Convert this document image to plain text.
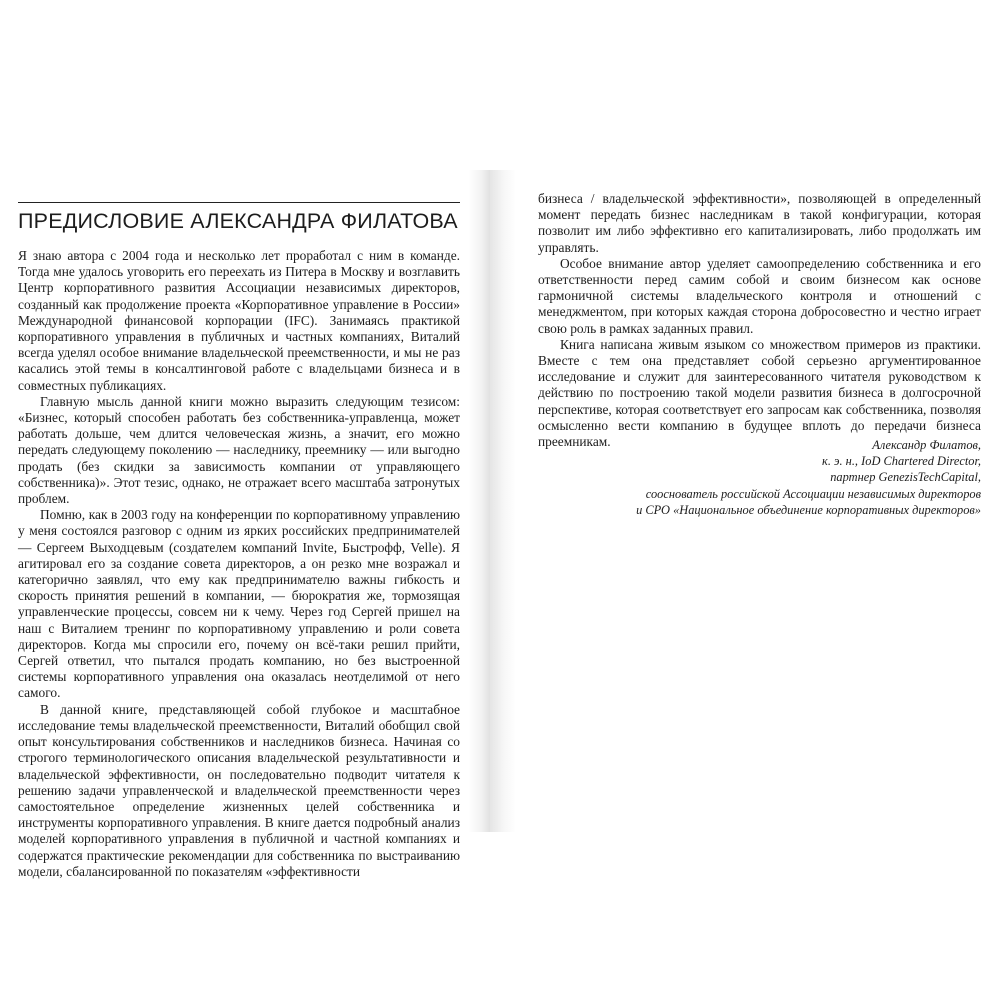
ПРЕДИСЛОВИЕ АЛЕКСАНДРА ФИЛАТОВА

Я знаю автора с 2004 года и несколько лет проработал с ним в команде. Тогда мне удалось уговорить его переехать из Питера в Москву и возглавить Центр корпоративного развития Ассоциации независимых директоров, созданный как продолжение проекта «Корпоративное управление в России» Международной финансовой корпорации (IFC). Занимаясь практикой корпоративного управления в публичных и частных компаниях, Виталий всегда уделял особое внимание владельческой преемственности, и мы не раз касались этой темы в консалтинговой работе с владельцами бизнеса и в совместных публикациях.

Главную мысль данной книги можно выразить следующим тезисом: «Бизнес, который способен работать без собственника-управленца, может работать дольше, чем длится человеческая жизнь, а значит, его можно передать следующему поколению — наследнику, преемнику — или выгодно продать (без скидки за зависимость компании от управляющего собственника)». Этот тезис, однако, не отражает всего масштаба затронутых проблем.

Помню, как в 2003 году на конференции по корпоративному управлению у меня состоялся разговор с одним из ярких российских предпринимателей — Сергеем Выходцевым (создателем компаний Invite, Быстрофф, Velle). Я агитировал его за создание совета директоров, а он резко мне возражал и категорично заявлял, что ему как предпринимателю важны гибкость и скорость принятия решений в компании, — бюрократия же, тормозящая управленческие процессы, совсем ни к чему. Через год Сергей пришел на наш с Виталием тренинг по корпоративному управлению и роли совета директоров. Когда мы спросили его, почему он всё-таки решил прийти, Сергей ответил, что пытался продать компанию, но без выстроенной системы корпоративного управления она оказалась неотделимой от него самого.

В данной книге, представляющей собой глубокое и масштабное исследование темы владельческой преемственности, Виталий обобщил свой опыт консультирования собственников и наследников бизнеса. Начиная со строгого терминологического описания владельческой результативности и владельческой эффективности, он последовательно подводит читателя к решению задачи управленческой и владельческой преемственности через самостоятельное определение жизненных целей собственника и инструменты корпоративного управления. В книге дается подробный анализ моделей корпоративного управления в публичной и частной компаниях и содержатся практические рекомендации для собственника по выстраиванию модели, сбалансированной по показателям «эффективности

бизнеса / владельческой эффективности», позволяющей в определенный момент передать бизнес наследникам в такой конфигурации, которая позволит им либо эффективно его капитализировать, либо продолжать им управлять.

Особое внимание автор уделяет самоопределению собственника и его ответственности перед самим собой и своим бизнесом как основе гармоничной системы владельческого контроля и отношений с менеджментом, при которых каждая сторона добросовестно и честно играет свою роль в рамках заданных правил.

Книга написана живым языком со множеством примеров из практики. Вместе с тем она представляет собой серьезно аргументированное исследование и служит для заинтересованного читателя руководством к действию по построению такой модели развития бизнеса в долгосрочной перспективе, которая соответствует его запросам как собственника, позволяя осмысленно вести компанию в будущее вплоть до передачи бизнеса преемникам.	Александр Филатов,
к. э. н., IoD Chartered Director,
партнер GenezisTechCapital,
сооснователь российской Ассоциации независимых директоров
и СРО «Национальное объединение корпоративных директоров»
